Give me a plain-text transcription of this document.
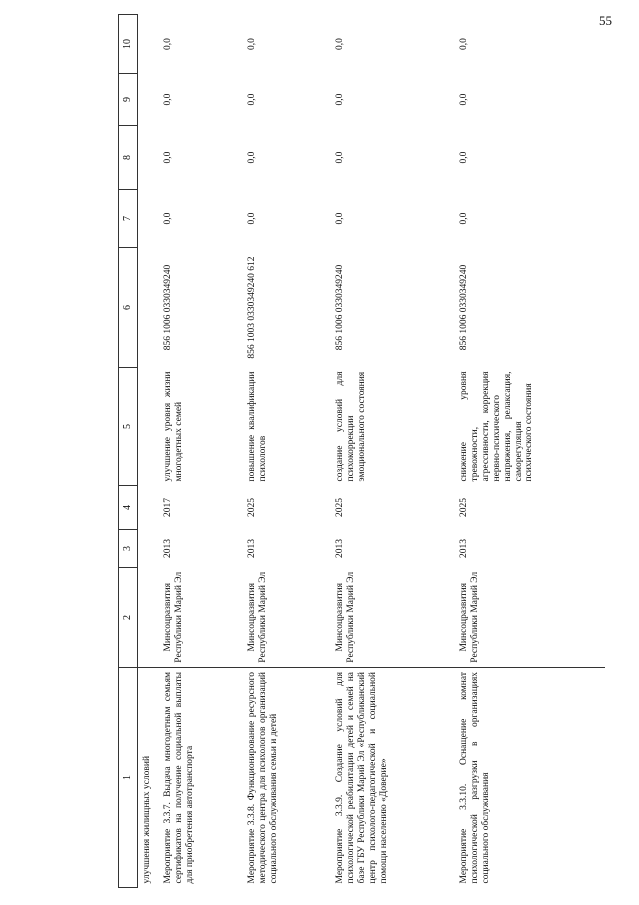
55
1	2	3	4	5	6	7	8	9	10
улучшения жилищных условий									
Мероприятие 3.3.7. Выдача многодетным семьям сертификатов на получение социальной выплаты для приобретения автотранспорта	Минсоцразвития Республики Марий Эл	2013	2017	улучшение уровня жизни многодетных семей	856 1006 0330349240	0,0	0,0	0,0	0,0
Мероприятие 3.3.8. Функционирование ресурсного методического центра для психологов организаций социального обслуживания семьи и детей	Минсоцразвития Республики Марий Эл	2013	2025	повышение квалификации психологов	856 1003 0330349240 612	0,0	0,0	0,0	0,0
Мероприятие 3.3.9. Создание условий для психологической реабилитации детей и семей на базе ГБУ Республики Марий Эл «Республиканский центр психолого-педагогической и социальной помощи населению «Доверие»	Минсоцразвития Республики Марий Эл	2013	2025	создание условий для психокоррекции эмоционального состояния	856 1006 0330349240	0,0	0,0	0,0	0,0
Мероприятие 3.3.10. Оснащение комнат психологической разгрузки в организациях социального обслуживания	Минсоцразвития Республики Марий Эл	2013	2025	снижение уровня тревожности, агрессивности, коррекция нервно-психического напряжения, релаксация, саморегуляция психического состояния	856 1006 0330349240	0,0	0,0	0,0	0,0
